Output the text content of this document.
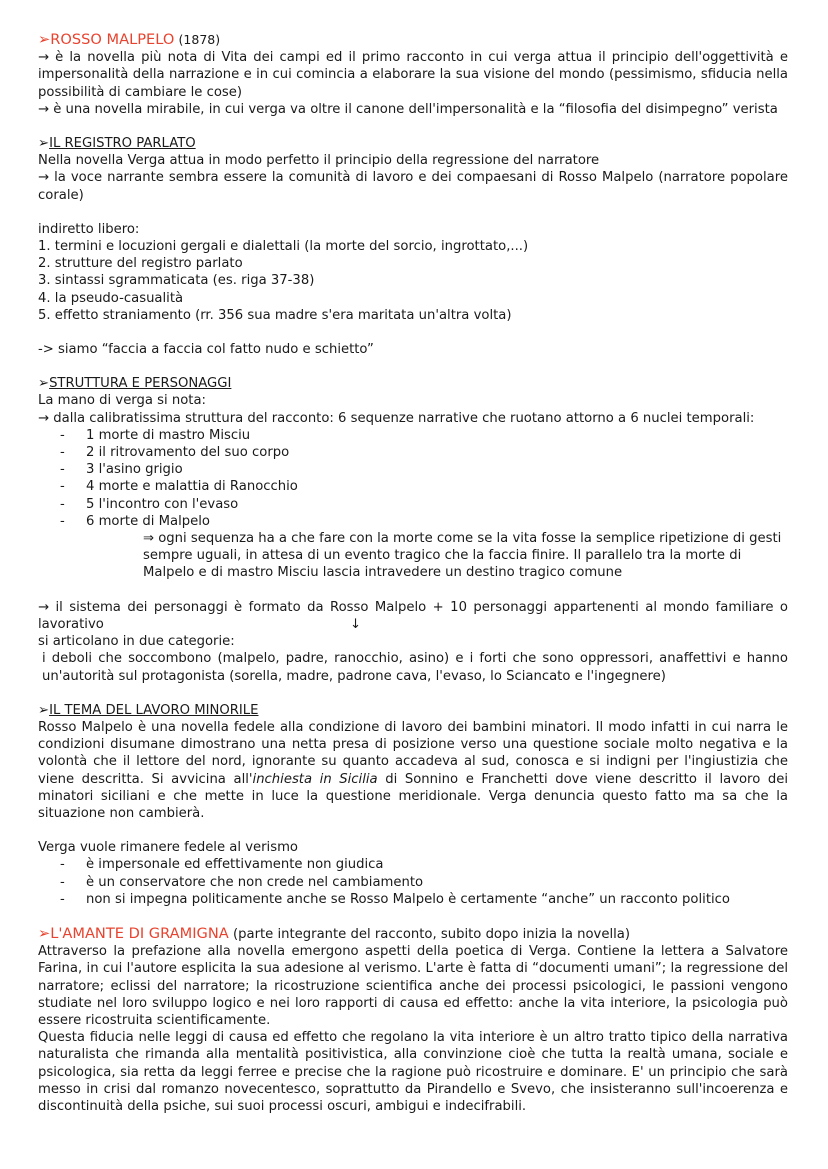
➢ROSSO MALPELO (1878)

→ è la novella più nota di Vita dei campi ed il primo racconto in cui verga attua il principio dell'oggettività e impersonalità della narrazione e in cui comincia a elaborare la sua visione del mondo (pessimismo, sfiducia nella possibilità di cambiare le cose)

→ è una novella mirabile, in cui verga va oltre il canone dell'impersonalità e la “filosofia del disimpegno” verista

➢IL REGISTRO PARLATO

Nella novella Verga attua in modo perfetto il principio della regressione del narratore

→ la voce narrante sembra essere la comunità di lavoro e dei compaesani di Rosso Malpelo (narratore popolare corale)

indiretto libero:

1. termini e locuzioni gergali e dialettali (la morte del sorcio, ingrottato,...)

2. strutture del registro parlato

3. sintassi sgrammaticata (es. riga 37-38)

4. la pseudo-casualità

5. effetto straniamento (rr. 356 sua madre s'era maritata un'altra volta)

-> siamo “faccia a faccia col fatto nudo e schietto”

➢STRUTTURA E PERSONAGGI

La mano di verga si nota:

→ dalla calibratissima struttura del racconto: 6 sequenze narrative che ruotano attorno a 6 nuclei temporali:

- 1 morte di mastro Misciu
- 2 il ritrovamento del suo corpo
- 3 l'asino grigio
- 4 morte e malattia di Ranocchio
- 5 l'incontro con l'evaso
- 6 morte di Malpelo

⇒ ogni sequenza ha a che fare con la morte come se la vita fosse la semplice ripetizione di gesti sempre uguali, in attesa di un evento tragico che la faccia finire. Il parallelo tra la morte di Malpelo e di mastro Misciu lascia intravedere un destino tragico comune

→ il sistema dei personaggi è formato da Rosso Malpelo + 10 personaggi appartenenti al mondo familiare o lavorativo	↓

si articolano in due categorie:

i deboli che soccombono (malpelo, padre, ranocchio, asino) e i forti che sono oppressori, anaffettivi e hanno un'autorità sul protagonista (sorella, madre, padrone cava, l'evaso, lo Sciancato e l'ingegnere)

➢IL TEMA DEL LAVORO MINORILE

Rosso Malpelo è una novella fedele alla condizione di lavoro dei bambini minatori. Il modo infatti in cui narra le condizioni disumane dimostrano una netta presa di posizione verso una questione sociale molto negativa e la volontà che il lettore del nord, ignorante su quanto accadeva al sud, conosca e si indigni per l'ingiustizia che viene descritta. Si avvicina all'inchiesta in Sicilia di Sonnino e Franchetti dove viene descritto il lavoro dei minatori siciliani e che mette in luce la questione meridionale. Verga denuncia questo fatto ma sa che la situazione non cambierà.

Verga vuole rimanere fedele al verismo

- è impersonale ed effettivamente non giudica
- è un conservatore che non crede nel cambiamento
- non si impegna politicamente anche se Rosso Malpelo è certamente “anche” un racconto politico

➢L'AMANTE DI GRAMIGNA (parte integrante del racconto, subito dopo inizia la novella)

Attraverso la prefazione alla novella emergono aspetti della poetica di Verga. Contiene la lettera a Salvatore Farina, in cui l'autore esplicita la sua adesione al verismo. L'arte è fatta di “documenti umani”; la regressione del narratore; eclissi del narratore; la ricostruzione scientifica anche dei processi psicologici, le passioni vengono studiate nel loro sviluppo logico e nei loro rapporti di causa ed effetto: anche la vita interiore, la psicologia può essere ricostruita scientificamente.

Questa fiducia nelle leggi di causa ed effetto che regolano la vita interiore è un altro tratto tipico della narrativa naturalista che rimanda alla mentalità positivistica, alla convinzione cioè che tutta la realtà umana, sociale e psicologica, sia retta da leggi ferree e precise che la ragione può ricostruire e dominare. E' un principio che sarà messo in crisi dal romanzo novecentesco, soprattutto da Pirandello e Svevo, che insisteranno sull'incoerenza e discontinuità della psiche, sui suoi processi oscuri, ambigui e indecifrabili.
